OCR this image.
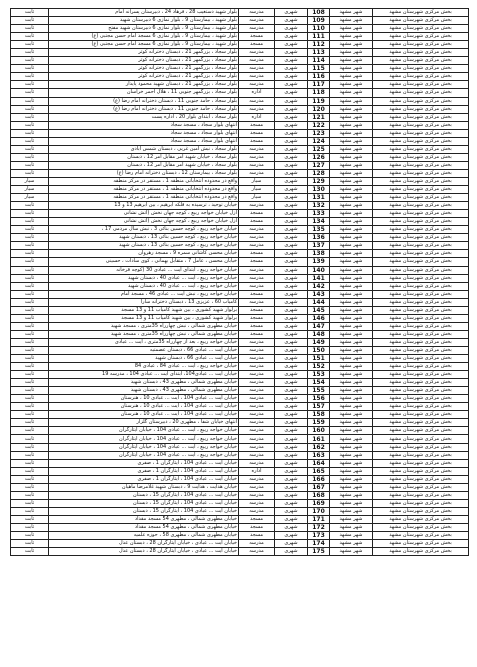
ثابت	بلوار شهید دستغیب 28 ، فرهاد 24 ، دبیرستان پسرانه امام	مدرسه	شهری	108	شهر مشهد	بخش مرکزی شهرستان مشهد
ثابت	بلوار شهید ، بیمارستان 9 ، بلوار نمازی 6 دبیرستان شهید	مدرسه	شهری	109	شهر مشهد	بخش مرکزی شهرستان مشهد
ثابت	بلوار شهید ، بیمارستان 9 ، بلوار نمازی 6 دبیرستان شهید مفتح	مدرسه	شهری	110	شهر مشهد	بخش مرکزی شهرستان مشهد
ثابت	بلوار شهید ، بیمارستان 9 ، بلوار نمازی 6 مسجد امام حسن مجتبی (ع)	مسجد	شهری	111	شهر مشهد	بخش مرکزی شهرستان مشهد
ثابت	بلوار شهید ، بیمارستان 9 ، بلوار نمازی 6 مسجد امام حسن مجتبی (ع)	مسجد	شهری	112	شهر مشهد	بخش مرکزی شهرستان مشهد
ثابت	بلوار سجاد ، بزرگمهر 21 ، دبستان دخترانه کوثر	مدرسه	شهری	113	شهر مشهد	بخش مرکزی شهرستان مشهد
ثابت	بلوار سجاد ، بزرگمهر 21 ، دبستان دخترانه کوثر	مدرسه	شهری	114	شهر مشهد	بخش مرکزی شهرستان مشهد
ثابت	بلوار سجاد ، بزرگمهر 21 ، دبستان دخترانه کوثر	مدرسه	شهری	115	شهر مشهد	بخش مرکزی شهرستان مشهد
ثابت	بلوار سجاد ، بزرگمهر 21 ، دبستان دخترانه کوثر	مدرسه	شهری	116	شهر مشهد	بخش مرکزی شهرستان مشهد
ثابت	بلوار سجاد ، بزرگمهر 21 ، دبستان شهید محمود پایدار	مدرسه	شهری	117	شهر مشهد	بخش مرکزی شهرستان مشهد
ثابت	بلوار سجاد ، بزرگمهر جنوبی 11 ، هلال احمر خراسان	اداره	شهری	118	شهر مشهد	بخش مرکزی شهرستان مشهد
ثابت	بلوار سجاد ، حامد جنوبی 11 ، دبستان دخترانه امام رضا (ع)	مدرسه	شهری	119	شهر مشهد	بخش مرکزی شهرستان مشهد
ثابت	بلوار سجاد ، حامد جنوبی 11 ، دبستان دخترانه امام رضا (ع)	مدرسه	شهری	120	شهر مشهد	بخش مرکزی شهرستان مشهد
ثابت	بلوار سجاد ، ابتدای بلوار 20 ، اداره پست	اداره	شهری	121	شهر مشهد	بخش مرکزی شهرستان مشهد
ثابت	انتهای بلوار سجاد ، مسجد سجاد	مسجد	شهری	122	شهر مشهد	بخش مرکزی شهرستان مشهد
ثابت	انتهای بلوار سجاد ، مسجد سجاد	مسجد	شهری	123	شهر مشهد	بخش مرکزی شهرستان مشهد
ثابت	انتهای بلوار سجاد ، مسجد سجاد	مسجد	شهری	124	شهر مشهد	بخش مرکزی شهرستان مشهد
ثابت	بلوار سجاد ، نبش امین غربی ، دبستان شمس آبادی	مدرسه	شهری	125	شهر مشهد	بخش مرکزی شهرستان مشهد
ثابت	بلوار سجاد ، خیابان شهید امر مقابل امر 12 ، دبستان	مدرسه	شهری	126	شهر مشهد	بخش مرکزی شهرستان مشهد
ثابت	بلوار سجاد ، خیابان شهید امر مقابل امر 12 ، دبستان	مدرسه	شهری	127	شهر مشهد	بخش مرکزی شهرستان مشهد
ثابت	بلوار سجاد ، بیمارستان 12 ، دبستان دخترانه امام رضا (ع)	مدرسه	شهری	128	شهر مشهد	بخش مرکزی شهرستان مشهد
سیار	واقع در محدوده انتخاباتی منطقه 1 ، مستقر در مرکز منطقه	سیار	شهری	129	شهر مشهد	بخش مرکزی شهرستان مشهد
سیار	واقع در محدوده انتخاباتی منطقه 1 ، مستقر در مرکز منطقه	سیار	شهری	130	شهر مشهد	بخش مرکزی شهرستان مشهد
سیار	واقع در محدوده انتخاباتی منطقه 1 ، مستقر در مرکز منطقه	سیار	شهری	131	شهر مشهد	بخش مرکزی شهرستان مشهد
ثابت	خیابان توحید ، ترسیده به فلکه ابرهیم ، بین ابرهیم 13 و 13	مدرسه	شهری	132	شهر مشهد	بخش مرکزی شهرستان مشهد
ثابت	ازل خیابان خواجه ربیع ، کوچه جهان نخش (آتش نشانی	مسجد	شهری	133	شهر مشهد	بخش مرکزی شهرستان مشهد
ثابت	ازل خیابان خواجه ربیع ، کوچه جهان نخش (آتش نشانی	مسجد	شهری	134	شهر مشهد	بخش مرکزی شهرستان مشهد
ثابت	خیابان خواجه ربیع ، کوچه حسین بنائی 3 ، نبش سال مردمی 17 ،	مدرسه	شهری	135	شهر مشهد	بخش مرکزی شهرستان مشهد
ثابت	خیابان خواجه ربیع ، کوچه حسین بنائی 13 ، دبستان شهید	مدرسه	شهری	136	شهر مشهد	بخش مرکزی شهرستان مشهد
ثابت	خیابان خواجه ربیع ، کوچه حسین بنائی 13 ، دبستان شهید	مدرسه	شهری	137	شهر مشهد	بخش مرکزی شهرستان مشهد
ثابت	خیابان محسن کاشانی سمره 9 ، مسجد رهروان	مسجد	شهری	138	شهر مشهد	بخش مرکزی شهرستان مشهد
ثابت	خیابان محسن ، عامل 7 ، متقابل بهمانی ، کوی سادات ، حسینی	مسجد	شهری	139	شهر مشهد	بخش مرکزی شهرستان مشهد
ثابت	خیابان خواجه ربیع ، ابتدای آیت ... عبادی 30 (کوچه قرخانه	مدرسه	شهری	140	شهر مشهد	بخش مرکزی شهرستان مشهد
ثابت	خیابان خواجه ربیع ، آیت ... عبادی 40 ، دبستان شهید	مدرسه	شهری	141	شهر مشهد	بخش مرکزی شهرستان مشهد
ثابت	خیابان خواجه ربیع ، آیت ... عبادی 40 ، دبستان شهید	مدرسه	شهری	142	شهر مشهد	بخش مرکزی شهرستان مشهد
ثابت	خیابان خواجه ربیع ، نبش آیت ... عبادی 46 ، مسجد امام	مسجد	شهری	143	شهر مشهد	بخش مرکزی شهرستان مشهد
ثابت	کامیاب 60 ، عزیزی 13 ، دبستان دخترانه سارا	مدرسه	شهری	144	شهر مشهد	بخش مرکزی شهرستان مشهد
ثابت	برلوار شهید کشوری ، بین شهید کامیاب 11 و 13 مسجد	مسجد	شهری	145	شهر مشهد	بخش مرکزی شهرستان مشهد
ثابت	برلوار شهید کشوری ، بین شهید کامیاب 11 و 13 مسجد	مسجد	شهری	146	شهر مشهد	بخش مرکزی شهرستان مشهد
ثابت	خیابان مطهری شمالی ، نبش چهارراه 35متری ، مسجد شهید	مسجد	شهری	147	شهر مشهد	بخش مرکزی شهرستان مشهد
ثابت	خیابان مطهری شمالی ، نبش چهارراه 35متری ، مسجد شهید	مسجد	شهری	148	شهر مشهد	بخش مرکزی شهرستان مشهد
ثابت	خیابان خواجه ربیع ، بعد از چهارراه 35متری ، آیت ... عبادی	مدرسه	شهری	149	شهر مشهد	بخش مرکزی شهرستان مشهد
ثابت	خیابان آیت ... عبادی 66 ، دبستان عصمتیه	مدرسه	شهری	150	شهر مشهد	بخش مرکزی شهرستان مشهد
ثابت	خیابان آیت ... عبادی 66 ، دبستان شهید	مدرسه	شهری	151	شهر مشهد	بخش مرکزی شهرستان مشهد
ثابت	خیابان خواجه ربیع ، آیت ... عبادی 84 ، عبادی 84	مدرسه	شهری	152	شهر مشهد	بخش مرکزی شهرستان مشهد
ثابت	خیابان آیت ... عبادی104، ابتدای آیت ... عبادی 104 ، مدرسه 19	مدرسه	شهری	153	شهر مشهد	بخش مرکزی شهرستان مشهد
ثابت	خیابان مطهری شمالی ، مطهری 43 ، دبستان شهید	مدرسه	شهری	154	شهر مشهد	بخش مرکزی شهرستان مشهد
ثابت	خیابان مطهری شمالی ، مطهری 43 ، دبستان شهید	مدرسه	شهری	155	شهر مشهد	بخش مرکزی شهرستان مشهد
ثابت	خیابان آیت ... عبادی 104 ، آیت ... عبادی 10 ، هنرستان	مدرسه	شهری	156	شهر مشهد	بخش مرکزی شهرستان مشهد
ثابت	خیابان آیت ... عبادی 104 ، آیت ... عبادی 10 ، هنرستان	مدرسه	شهری	157	شهر مشهد	بخش مرکزی شهرستان مشهد
ثابت	خیابان آیت ... عبادی 104 ، آیت ... عبادی 10 ، هنرستان	مدرسه	شهری	158	شهر مشهد	بخش مرکزی شهرستان مشهد
ثابت	انتهای خیابان شفا ، مطهری 20 ، دبیرستان گلزار	مدرسه	شهری	159	شهر مشهد	بخش مرکزی شهرستان مشهد
ثابت	خیابان خواجه ربیع ، آیت ... عبادی 104 ، خیابان ایثارگران	مدرسه	شهری	160	شهر مشهد	بخش مرکزی شهرستان مشهد
ثابت	خیابان خواجه ربیع ، آیت ... عبادی 104 ، خیابان ایثارگران	مدرسه	شهری	161	شهر مشهد	بخش مرکزی شهرستان مشهد
ثابت	خیابان خواجه ربیع ، آیت ... عبادی 104 ، خیابان ایثارگران	مدرسه	شهری	162	شهر مشهد	بخش مرکزی شهرستان مشهد
ثابت	خیابان خواجه ربیع ، آیت ... عبادی 104 ، خیابان ایثارگران	مدرسه	شهری	163	شهر مشهد	بخش مرکزی شهرستان مشهد
ثابت	خیابان آیت ... عبادی 104 ، ایثارگران 1 ، صفری	مدرسه	شهری	164	شهر مشهد	بخش مرکزی شهرستان مشهد
ثابت	خیابان آیت ... عبادی 104 ، ایثارگران 1 ، صفری	اداره	شهری	165	شهر مشهد	بخش مرکزی شهرستان مشهد
ثابت	خیابان آیت ... عبادی 104 ، ایثارگران 1 ، صفری	مدرسه	شهری	166	شهر مشهد	بخش مرکزی شهرستان مشهد
ثابت	خیابان هدایت ، هدایت 9 ، دبستان شهید غلامرضا ماهیان	مدرسه	شهری	167	شهر مشهد	بخش مرکزی شهرستان مشهد
ثابت	خیابان آیت ... عبادی 104 ، ایثارگران 15 ، دبستان	مدرسه	شهری	168	شهر مشهد	بخش مرکزی شهرستان مشهد
ثابت	خیابان آیت ... عبادی 104 ، ایثارگران 15 ، دبستان	مدرسه	شهری	169	شهر مشهد	بخش مرکزی شهرستان مشهد
ثابت	خیابان آیت ... عبادی 104 ، ایثارگران 15 ، دبستان	مدرسه	شهری	170	شهر مشهد	بخش مرکزی شهرستان مشهد
ثابت	خیابان مطهری شمالی ، مطهری 54 مسجد مقداد	مسجد	شهری	171	شهر مشهد	بخش مرکزی شهرستان مشهد
ثابت	خیابان مطهری شمالی ، مطهری 54 مسجد مقداد	مسجد	شهری	172	شهر مشهد	بخش مرکزی شهرستان مشهد
ثابت	خیابان مطهری شمالی ، مطهری 58 ، حوزه علمیه	مسجد	شهری	173	شهر مشهد	بخش مرکزی شهرستان مشهد
ثابت	خیابان آیت ... عبادی ، خیابان ایثارگران 28 ، دبستان عدل	مدرسه	شهری	174	شهر مشهد	بخش مرکزی شهرستان مشهد
ثابت	خیابان آیت ... عبادی ، خیابان ایثارگران 28 ، دبستان عدل	مدرسه	شهری	175	شهر مشهد	بخش مرکزی شهرستان مشهد
